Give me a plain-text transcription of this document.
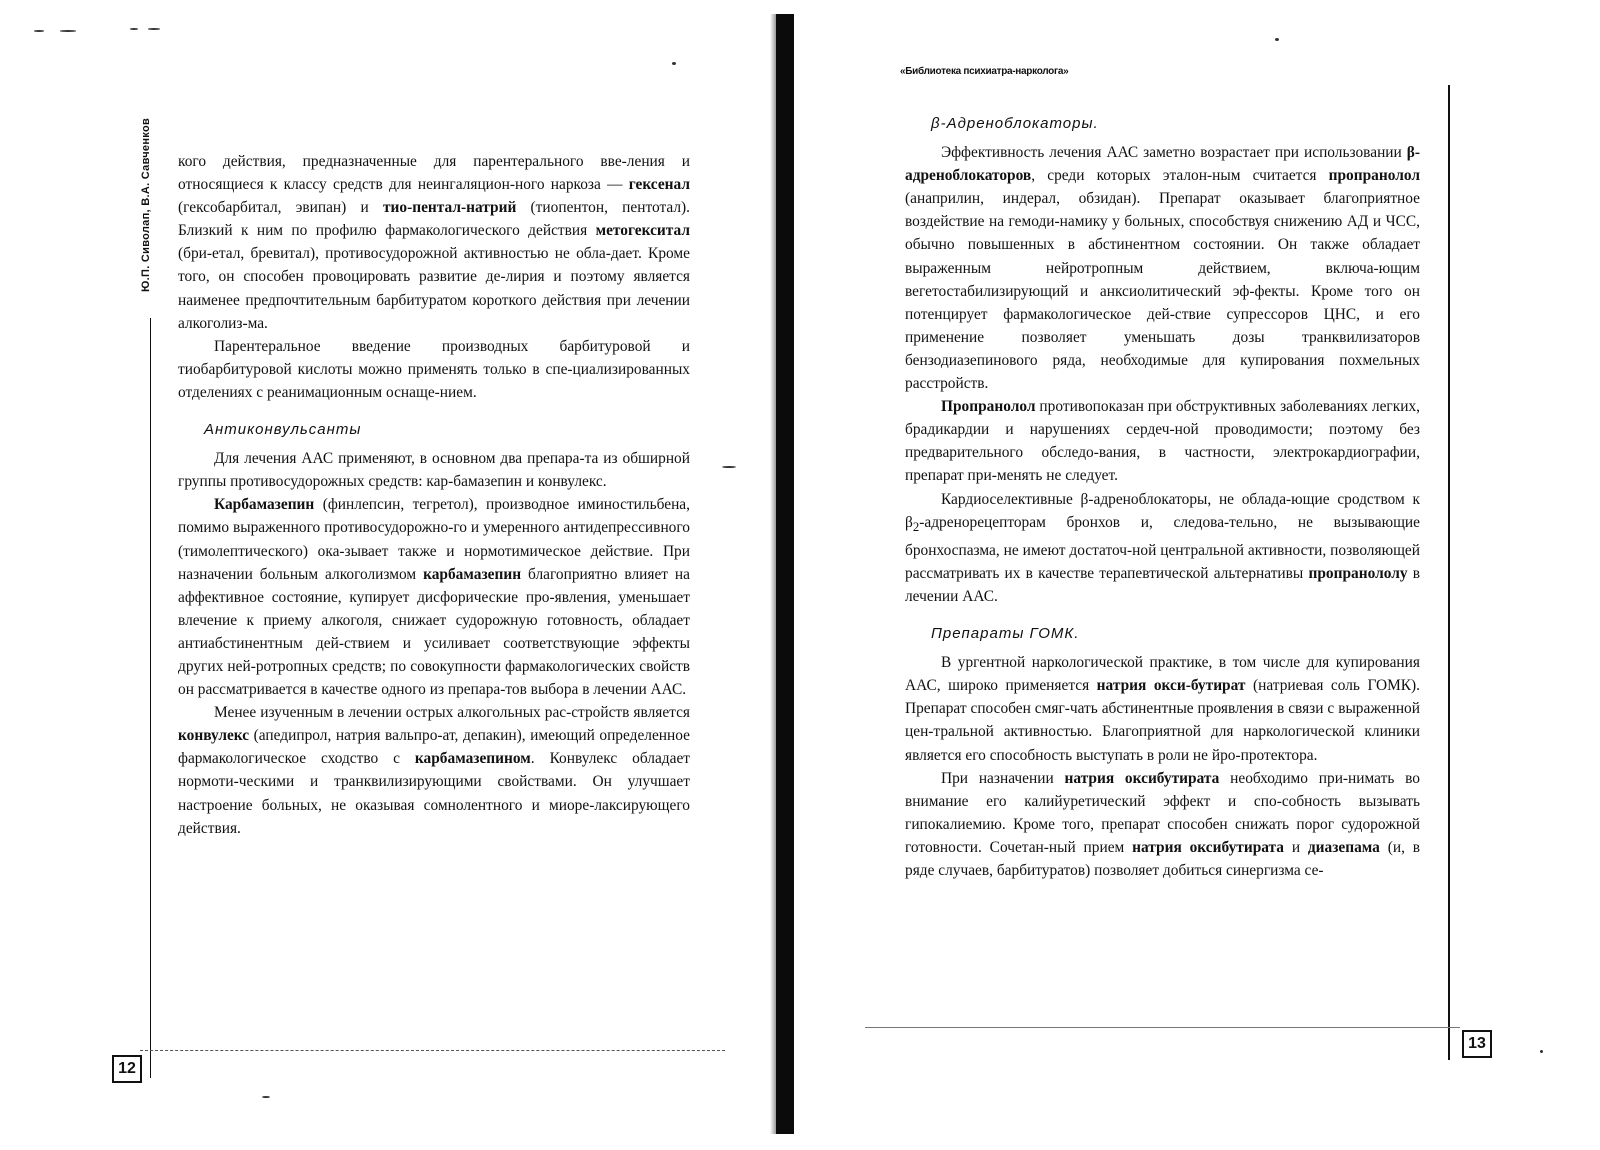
Ю.П. Сиволап, В.А. Савченков кого действия, предназначенные для парентерального вве-ления и относящиеся к классу средств для неингаляцион-ного наркоза — гексенал (гексобарбитал, эвипан) и тио-пентал-натрий (тиопентон, пентотал). Близкий к ним по профилю фармакологического действия метогекситал (бри-етал, бревитал), противосудорожной активностью не обла-дает. Кроме того, он способен провоцировать развитие де-лирия и поэтому является наименее предпочтительным барбитуратом короткого действия при лечении алкоголиз-ма.

Парентеральное введение производных барбитуровой и тиобарбитуровой кислоты можно применять только в спе-циализированных отделениях с реанимационным оснаще-нием.

Антиконвульсанты

Для лечения ААС применяют, в основном два препара-та из обширной группы противосудорожных средств: кар-бамазепин и конвулекс.

Карбамазепин (финлепсин, тегретол), производное иминостильбена, помимо выраженного противосудорожно-го и умеренного антидепрессивного (тимолептического) ока-зывает также и нормотимическое действие. При назначении больным алкоголизмом карбамазепин благоприятно влияет на аффективное состояние, купирует дисфорические про-явления, уменьшает влечение к приему алкоголя, снижает судорожную готовность, обладает антиабстинентным дей-ствием и усиливает соответствующие эффекты других ней-ротропных средств; по совокупности фармакологических свойств он рассматривается в качестве одного из препара-тов выбора в лечении ААС.

Менее изученным в лечении острых алкогольных рас-стройств является конвулекс (апедипрол, натрия вальпро-ат, депакин), имеющий определенное фармакологическое сходство с карбамазепином. Конвулекс обладает нормоти-ческими и транквилизирующими свойствами. Он улучшает настроение больных, не оказывая сомнолентного и миоре-лаксирующего действия.

12
«Библиотека психиатра-нарколога»
β-Адреноблокаторы.

Эффективность лечения ААС заметно возрастает при использовании β-адреноблокаторов, среди которых эталон-ным считается пропранолол (анаприлин, индерал, обзидан). Препарат оказывает благоприятное воздействие на гемоди-намику у больных, способствуя снижению АД и ЧСС, обычно повышенных в абстинентном состоянии. Он также обладает выраженным нейротропным действием, включа-ющим вегетостабилизирующий и анксиолитический эф-фекты. Кроме того он потенцирует фармакологическое дей-ствие супрессоров ЦНС, и его применение позволяет уменьшать дозы транквилизаторов бензодиазепинового ряда, необходимые для купирования похмельных расстройств.

Пропранолол противопоказан при обструктивных заболеваниях легких, брадикардии и нарушениях сердеч-ной проводимости; поэтому без предварительного обследо-вания, в частности, электрокардиографии, препарат при-менять не следует.

Кардиоселективные β-адреноблокаторы, не облада-ющие сродством к $\beta_2$-адренорецепторам бронхов и, следова-тельно, не вызывающие бронхоспазма, не имеют достаточ-ной центральной активности, позволяющей рассматривать их в качестве терапевтической альтернативы пропранололу в лечении ААС.

Препараты ГОМК.

В ургентной наркологической практике, в том числе для купирования ААС, широко применяется натрия окси-бутират (натриевая соль ГОМК). Препарат способен смяг-чать абстинентные проявления в связи с выраженной цен-тральной активностью. Благоприятной для наркологической клиники является его способность выступать в роли не йро-протектора.

При назначении натрия оксибутирата необходимо при-нимать во внимание его калийуретический эффект и спо-собность вызывать гипокалиемию. Кроме того, препарат способен снижать порог судорожной готовности. Сочетан-ный прием натрия оксибутирата и диазепама (и, в ряде случаев, барбитуратов) позволяет добиться синергизма се-

13
